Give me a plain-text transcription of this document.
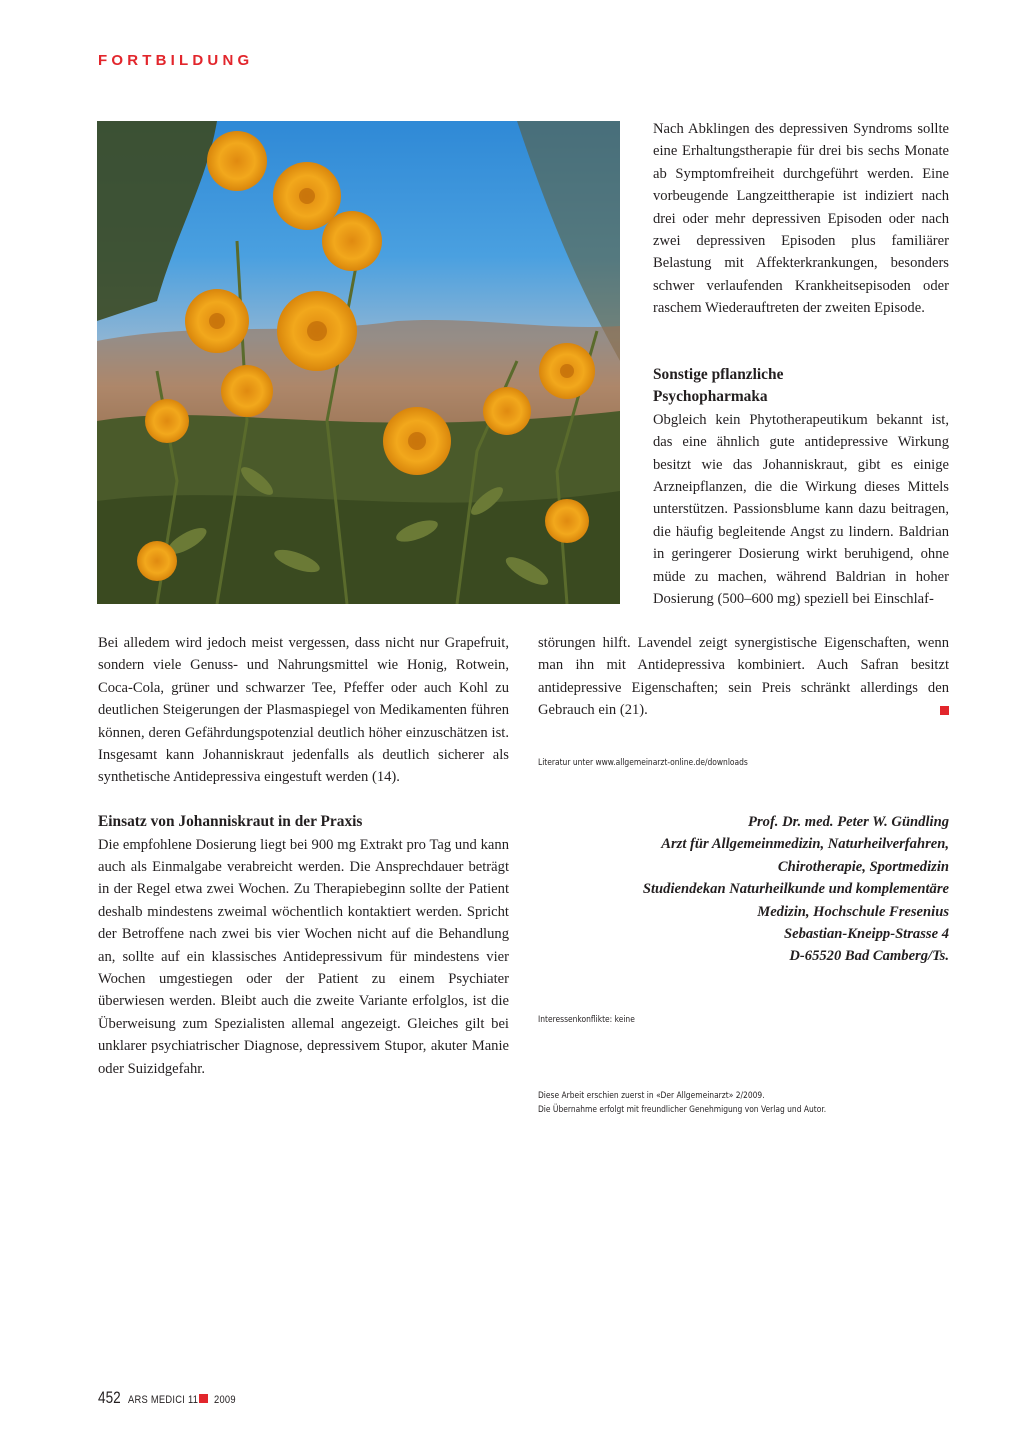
FORTBILDUNG
Nach Abklingen des depressiven Syndroms sollte eine Erhaltungstherapie für drei bis sechs Monate ab Symptomfreiheit durchgeführt werden. Eine vorbeugende Langzeittherapie ist indiziert nach drei oder mehr depressiven Episoden oder nach zwei depressiven Episoden plus familiärer Belastung mit Affekterkrankungen, besonders schwer verlaufenden Krankheitsepisoden oder raschem Wiederauftreten der zweiten Episode.
Sonstige pflanzliche
Psychopharmaka
Obgleich kein Phytotherapeutikum bekannt ist, das eine ähnlich gute antidepressive Wirkung besitzt wie das Johanniskraut, gibt es einige Arzneipflanzen, die die Wirkung dieses Mittels unterstützen. Passionsblume kann dazu beitragen, die häufig begleitende Angst zu lindern. Baldrian in geringerer Dosierung wirkt beruhigend, ohne müde zu machen, während Baldrian in hoher Dosierung (500–600 mg) speziell bei Einschlaf-
störungen hilft. Lavendel zeigt synergistische Eigenschaften, wenn man ihn mit Antidepressiva kombiniert. Auch Safran besitzt antidepressive Eigenschaften; sein Preis schränkt allerdings den Gebrauch ein (21).
Bei alledem wird jedoch meist vergessen, dass nicht nur Grapefruit, sondern viele Genuss- und Nahrungsmittel wie Honig, Rotwein, Coca-Cola, grüner und schwarzer Tee, Pfeffer oder auch Kohl zu deutlichen Steigerungen der Plasmaspiegel von Medikamenten führen können, deren Gefährdungspotenzial deutlich höher einzuschätzen ist. Insgesamt kann Johanniskraut jedenfalls als deutlich sicherer als synthetische Antidepressiva eingestuft werden (14).
Einsatz von Johanniskraut in der Praxis
Die empfohlene Dosierung liegt bei 900 mg Extrakt pro Tag und kann auch als Einmalgabe verabreicht werden. Die Ansprechdauer beträgt in der Regel etwa zwei Wochen. Zu Therapiebeginn sollte der Patient deshalb mindestens zweimal wöchentlich kontaktiert werden. Spricht der Betroffene nach zwei bis vier Wochen nicht auf die Behandlung an, sollte auf ein klassisches Antidepressivum für mindestens vier Wochen umgestiegen oder der Patient zu einem Psychiater überwiesen werden. Bleibt auch die zweite Variante erfolglos, ist die Überweisung zum Spezialisten allemal angezeigt. Gleiches gilt bei unklarer psychiatrischer Diagnose, depressivem Stupor, akuter Manie oder Suizidgefahr.
Literatur unter www.allgemeinarzt-online.de/downloads
Prof. Dr. med. Peter W. Gündling
Arzt für Allgemeinmedizin, Naturheilverfahren,
Chirotherapie, Sportmedizin
Studiendekan Naturheilkunde und komplementäre
Medizin, Hochschule Fresenius
Sebastian-Kneipp-Strasse 4
D-65520 Bad Camberg/Ts.
Interessenkonflikte: keine
Diese Arbeit erschien zuerst in «Der Allgemeinarzt» 2/2009.
Die Übernahme erfolgt mit freundlicher Genehmigung von Verlag und Autor.
452 ARS MEDICI 11 2009
